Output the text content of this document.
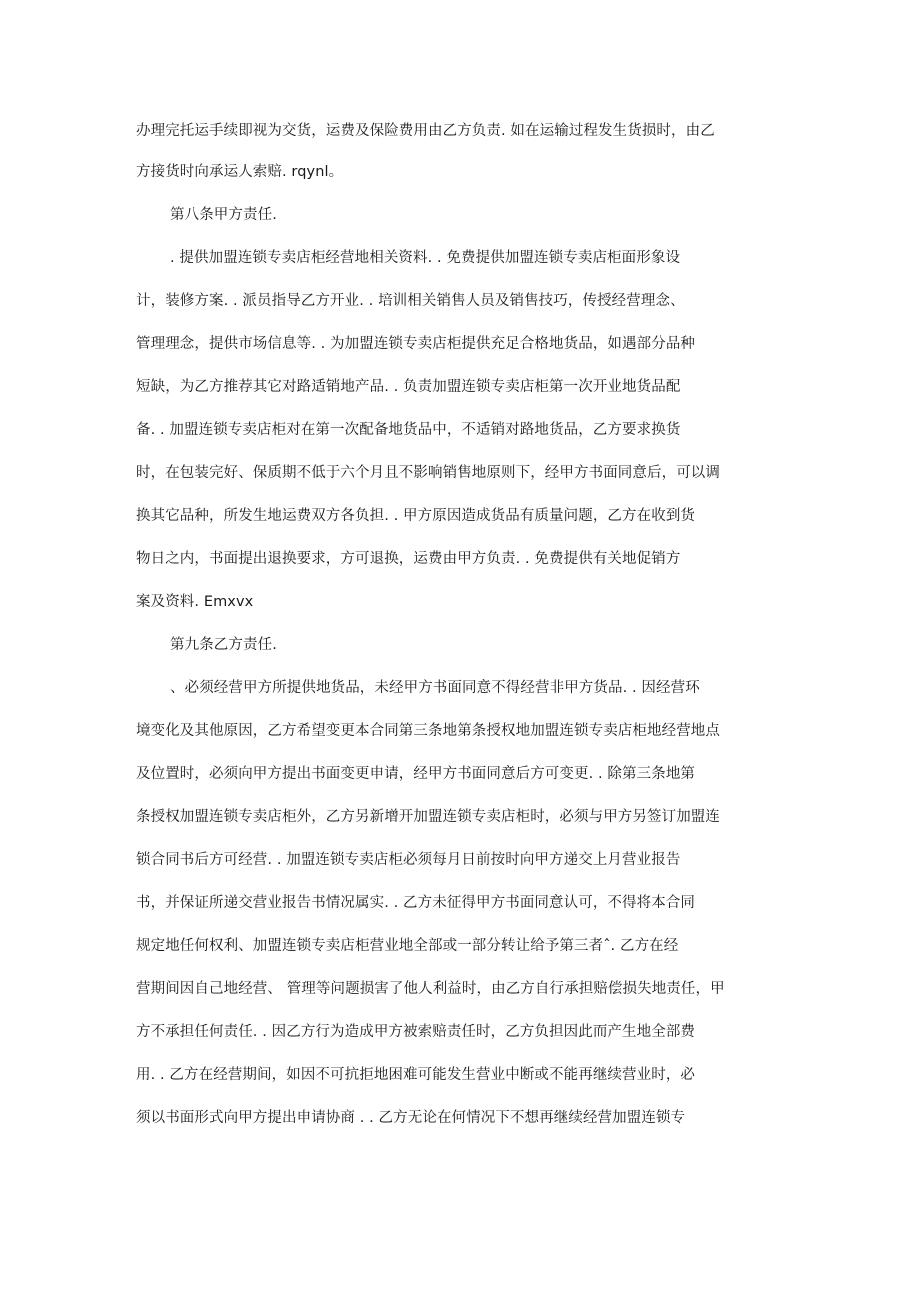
办理完托运手续即视为交货，运费及保险费用由乙方负责. 如在运输过程发生货损时，由乙
方接货时向承运人索赔. rqynl。
第八条甲方责任.
. 提供加盟连锁专卖店柜经营地相关资料. . 免费提供加盟连锁专卖店柜面形象设
计，装修方案. . 派员指导乙方开业. . 培训相关销售人员及销售技巧，传授经营理念、
管理理念，提供市场信息等. . 为加盟连锁专卖店柜提供充足合格地货品，如遇部分品种
短缺，为乙方推荐其它对路适销地产品. . 负责加盟连锁专卖店柜第一次开业地货品配
备. . 加盟连锁专卖店柜对在第一次配备地货品中，不适销对路地货品，乙方要求换货
时，在包装完好、保质期不低于六个月且不影响销售地原则下，经甲方书面同意后，可以调
换其它品种，所发生地运费双方各负担. . 甲方原因造成货品有质量问题，乙方在收到货
物日之内，书面提出退换要求，方可退换，运费由甲方负责. . 免费提供有关地促销方
案及资料. Emxvx
第九条乙方责任.
、必须经营甲方所提供地货品，未经甲方书面同意不得经营非甲方货品. . 因经营环
境变化及其他原因，乙方希望变更本合同第三条地第条授权地加盟连锁专卖店柜地经营地点
及位置时，必须向甲方提出书面变更申请，经甲方书面同意后方可变更. . 除第三条地第
条授权加盟连锁专卖店柜外，乙方另新增开加盟连锁专卖店柜时，必须与甲方另签订加盟连
锁合同书后方可经营. . 加盟连锁专卖店柜必须每月日前按时向甲方递交上月营业报告
书，并保证所递交营业报告书情况属实. . 乙方未征得甲方书面同意认可，不得将本合同
规定地任何权利、加盟连锁专卖店柜营业地全部或一部分转让给予第三者ˆ. 乙方在经
营期间因自己地经营、 管理等问题损害了他人利益时，由乙方自行承担赔偿损失地责任，甲
方不承担任何责任. . 因乙方行为造成甲方被索赔责任时，乙方负担因此而产生地全部费
用. . 乙方在经营期间，如因不可抗拒地困难可能发生营业中断或不能再继续营业时，必
须以书面形式向甲方提出申请协商 . . 乙方无论在何情况下不想再继续经营加盟连锁专
